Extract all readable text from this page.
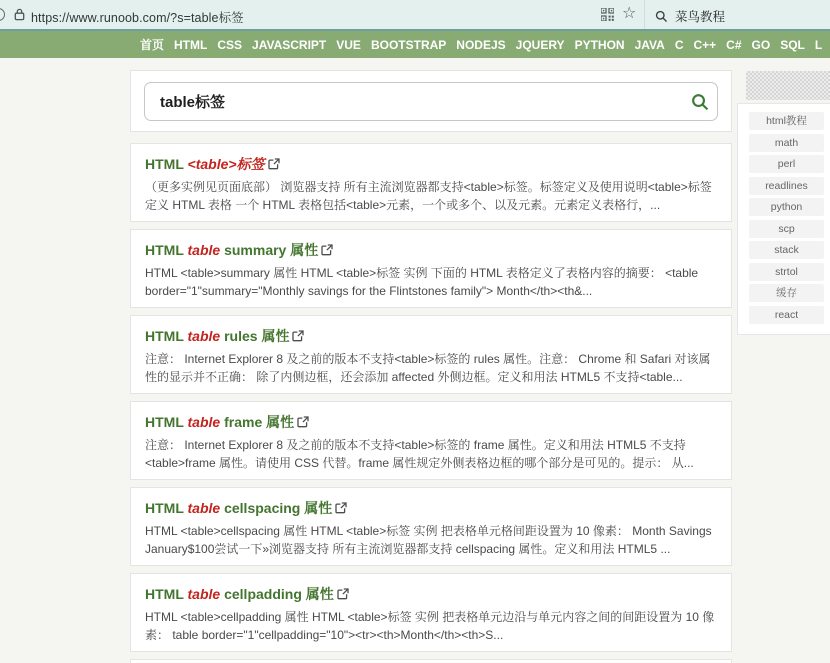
https://www.runoob.com/?s=table标签	☆	菜鸟教程
首页 HTML CSS JAVASCRIPT VUE BOOTSTRAP NODEJS JQUERY PYTHON JAVA C C++ C# GO SQL L
table标签
HTML <table>标签
（更多实例见页面底部） 浏览器支持 所有主流浏览器都支持<table>标签。标签定义及使用说明<table>标签定义 HTML 表格 一个 HTML 表格包括<table>元素，一个或多个、以及元素。元素定义表格行，...
HTML table summary 属性
HTML <table>summary 属性 HTML <table>标签 实例 下面的 HTML 表格定义了表格内容的摘要： <table border="1"summary="Monthly savings for the Flintstones family"> Month</th><th&...
HTML table rules 属性
注意： Internet Explorer 8 及之前的版本不支持<table>标签的 rules 属性。注意： Chrome 和 Safari 对该属性的显示并不正确： 除了内侧边框，还会添加 affected 外侧边框。定义和用法 HTML5 不支持<table...
HTML table frame 属性
注意： Internet Explorer 8 及之前的版本不支持<table>标签的 frame 属性。定义和用法 HTML5 不支持<table>frame 属性。请使用 CSS 代替。frame 属性规定外侧表格边框的哪个部分是可见的。提示： 从...
HTML table cellspacing 属性
HTML <table>cellspacing 属性 HTML <table>标签 实例 把表格单元格间距设置为 10 像素： Month Savings January$100尝试一下»浏览器支持 所有主流浏览器都支持 cellspacing 属性。定义和用法 HTML5 ...
HTML table cellpadding 属性
HTML <table>cellpadding 属性 HTML <table>标签 实例 把表格单元边沿与单元内容之间的间距设置为 10 像素： table border="1"cellpadding="10"><tr><th>Month</th><th>S...
html教程
math
perl
readlines
python
scp
stack
strtol
缓存
react
